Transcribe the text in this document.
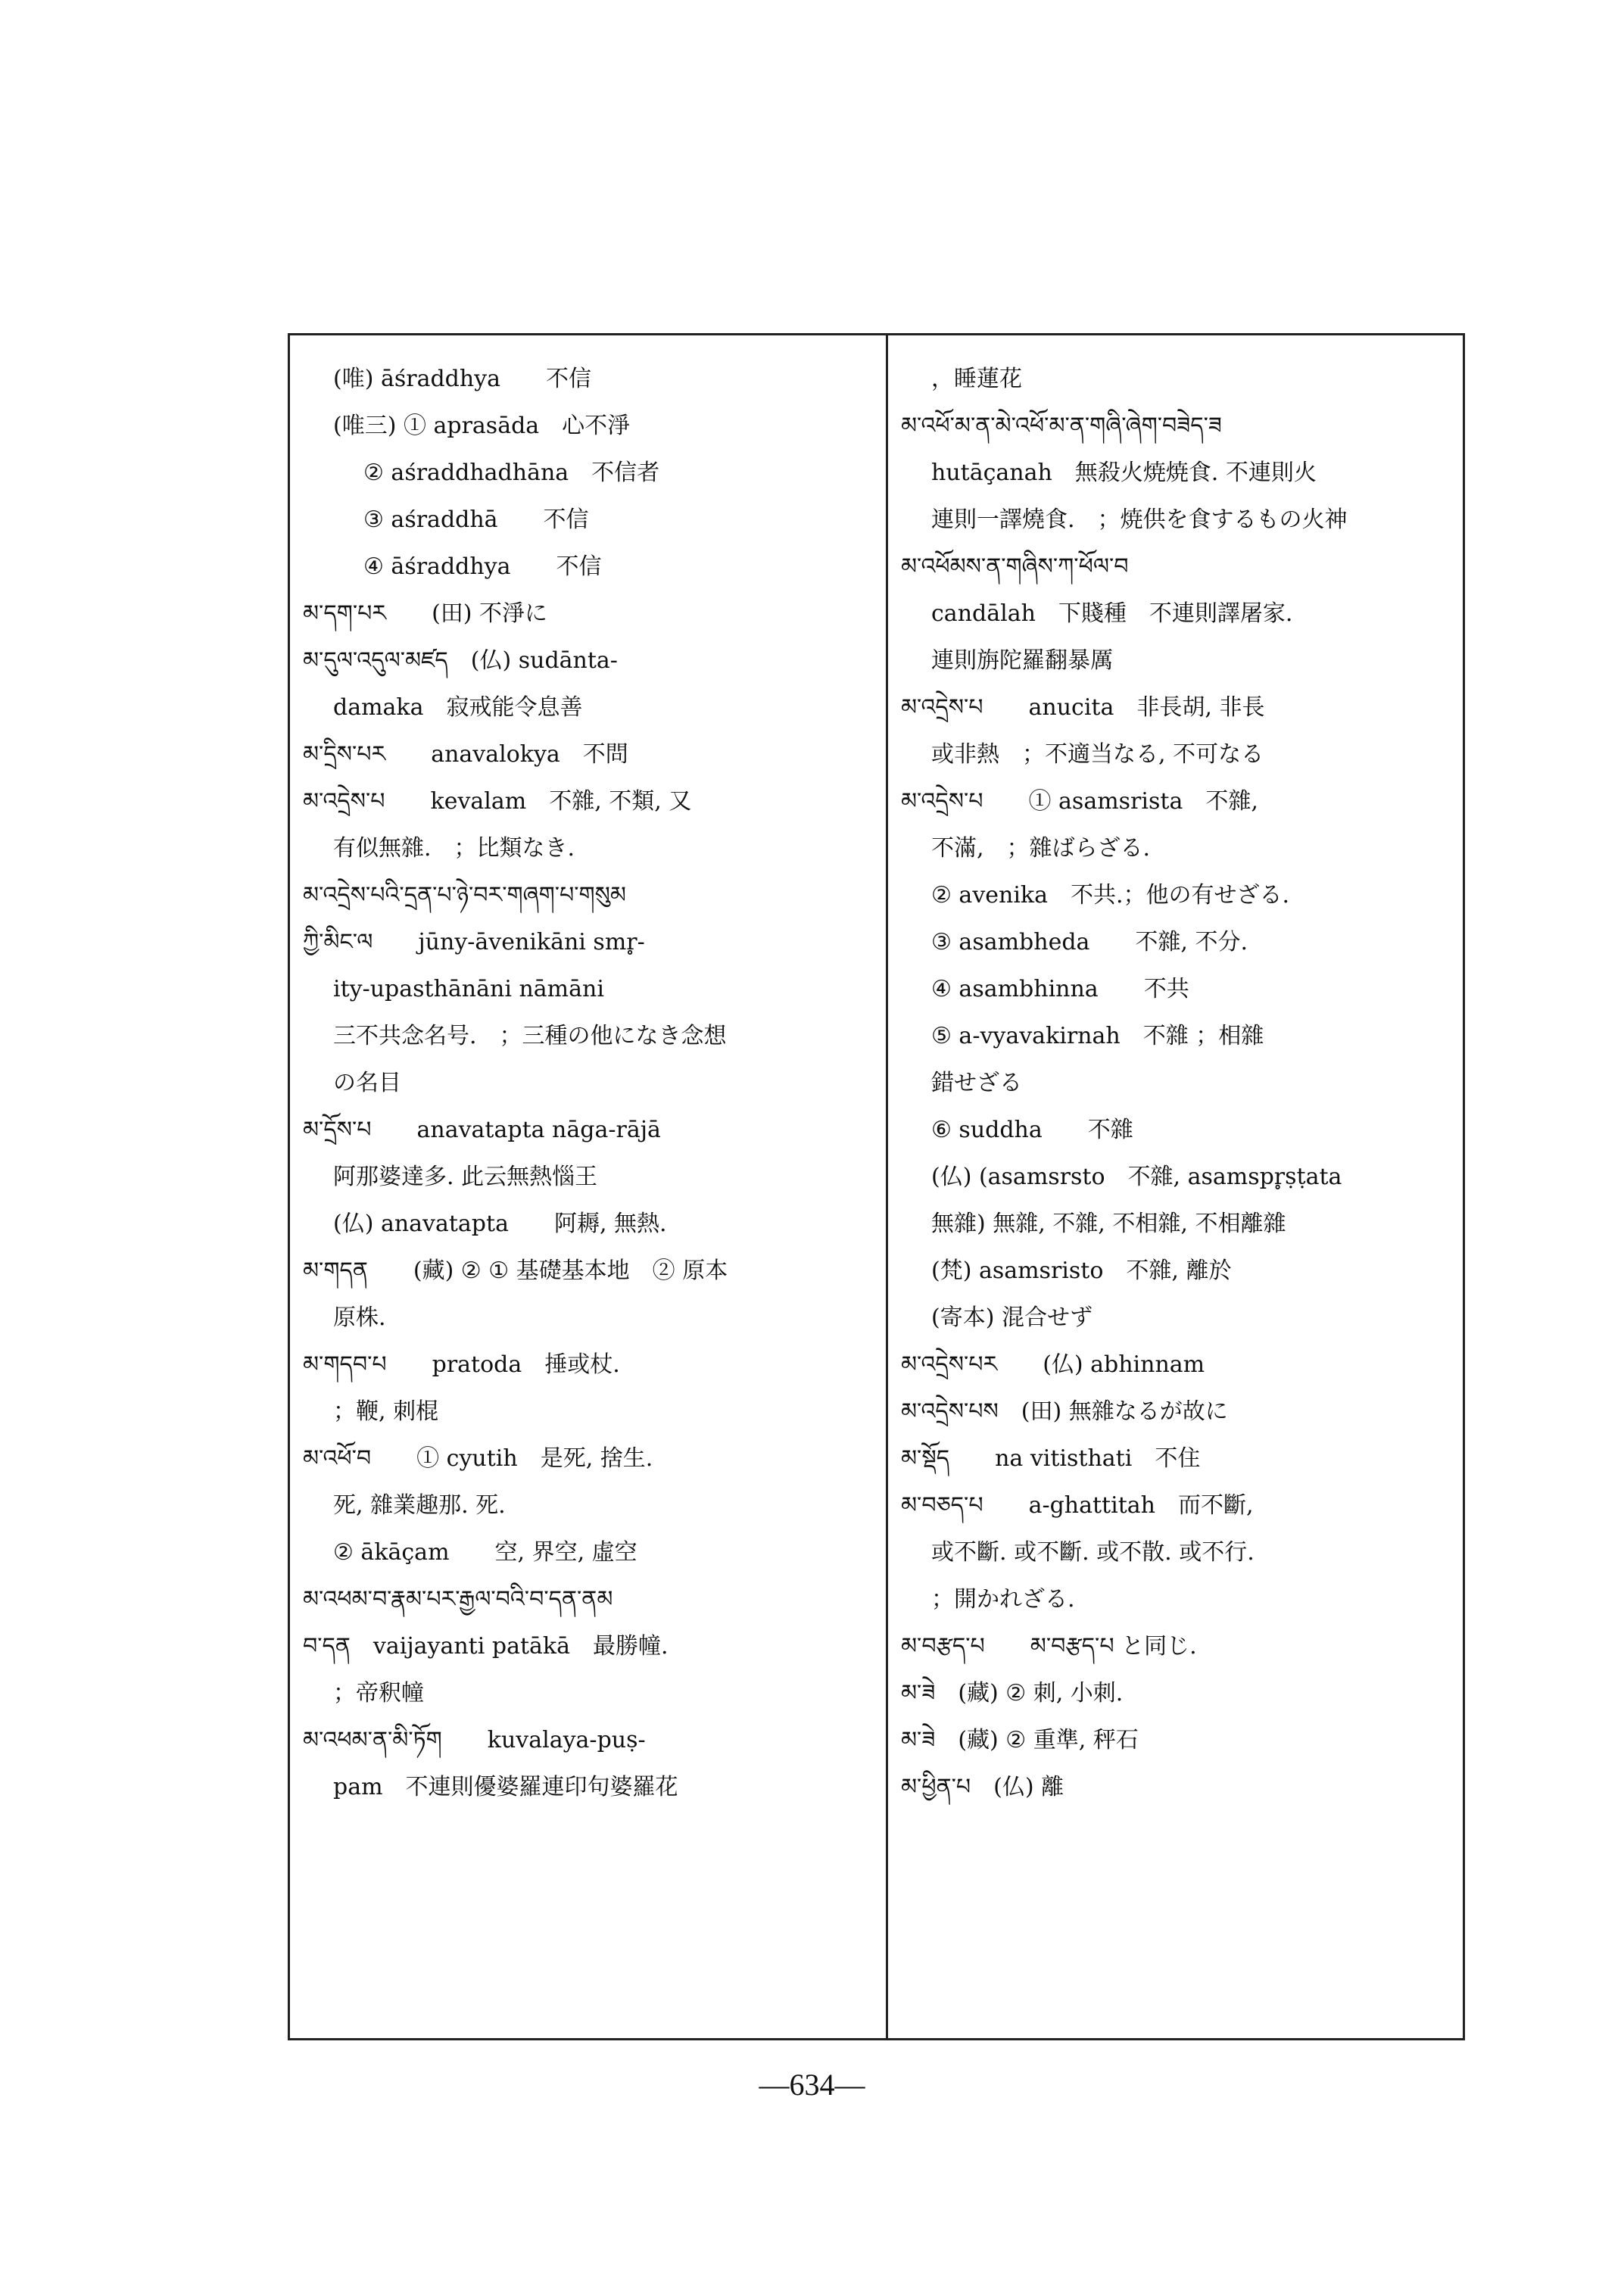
(唯) āśraddhya　　不信
(唯三) ① aprasāda　心不淨
② aśraddhadhāna　不信者
③ aśraddhā　　不信
④ āśraddhya　　不信
མ་དག་པར　　(田) 不淨に
མ་དུལ་འདུལ་མཛད　(仏) sudānta-
damaka　寂戒能令息善
མ་དྲིས་པར　　anavalokya　不問
མ་འདྲེས་པ　　kevalam　不雜, 不類, 又
有似無雜.　；比類なき.
མ་འདྲེས་པའི་དྲན་པ་ཉེ་བར་གཞག་པ་གསུམ
ཀྱི་མིང་ལ　　jūny-āvenikāni smr̥-
ity-upasthānāni nāmāni
三不共念名号.　；三種の他になき念想
の名目
མ་དྲོས་པ　　anavatapta nāga-rājā
阿那婆達多. 此云無熱惱王
(仏) anavatapta　　阿耨, 無熱.
མ་གདན　　(藏) ② ① 基礎基本地　② 原本
原株.
མ་གདབ་པ　　pratoda　捶或杖.
；鞭, 刺棍
མ་འཕོ་བ　　① cyutih　是死, 捨生.
死, 雜業趣那. 死.
② ākāçam　　空, 界空, 虛空
མ་འཕམ་བ་རྣམ་པར་རྒྱལ་བའི་བ་དན་ནམ
བ་དན　vaijayanti patākā　最勝幢.
；帝釈幢
མ་འཕམ་ན་མི་ཏོག　　kuvalaya-puṣ-
pam　不連則優婆羅連印句婆羅花
，睡蓮花
མ་འཕོ་མ་ན་མེ་འཕོ་མ་ན་གཞི་ཞེག་བཟེད་ཟ
hutāçanah　無殺火焼焼食. 不連則火
連則一譯燒食.　；焼供を食するもの火神
མ་འཕོམས་ན་གཞིས་ཀ་ཕོལ་བ
candālah　下賤種　不連則譯屠家.
連則旃陀羅翻暴厲
མ་འདྲེས་པ　　anucita　非長胡, 非長
或非熱　；不適当なる, 不可なる
མ་འདྲེས་པ　　① asamsrista　不雜,
不滿,　；雜ばらざる.
② avenika　不共.；他の有せざる.
③ asambheda　　不雜, 不分.
④ asambhinna　　不共
⑤ a-vyavakirnah　不雜 ；相雜
錯せざる
⑥ suddha　　不雜
(仏) (asamsrsto　不雜, asamspr̥ṣṭata
無雜) 無雜, 不雜, 不相雜, 不相離雜
(梵) asamsristo　不雜, 離於
(寄本) 混合せず
མ་འདྲེས་པར　　(仏) abhinnam
མ་འདྲེས་པས　(田) 無雜なるが故に
མ་སྡོད　　na vitisthati　不住
མ་བཅད་པ　　a-ghattitah　而不斷,
或不斷. 或不斷. 或不散. 或不行.
；開かれざる.
མ་བརྩད་པ　　མ་བརྩད་པ と同じ.
མ་ཟེ　(藏) ② 刺, 小刺.
མ་ཟེ　(藏) ② 重準, 秤石
མ་ཕྱིན་པ　(仏) 離
—634—
